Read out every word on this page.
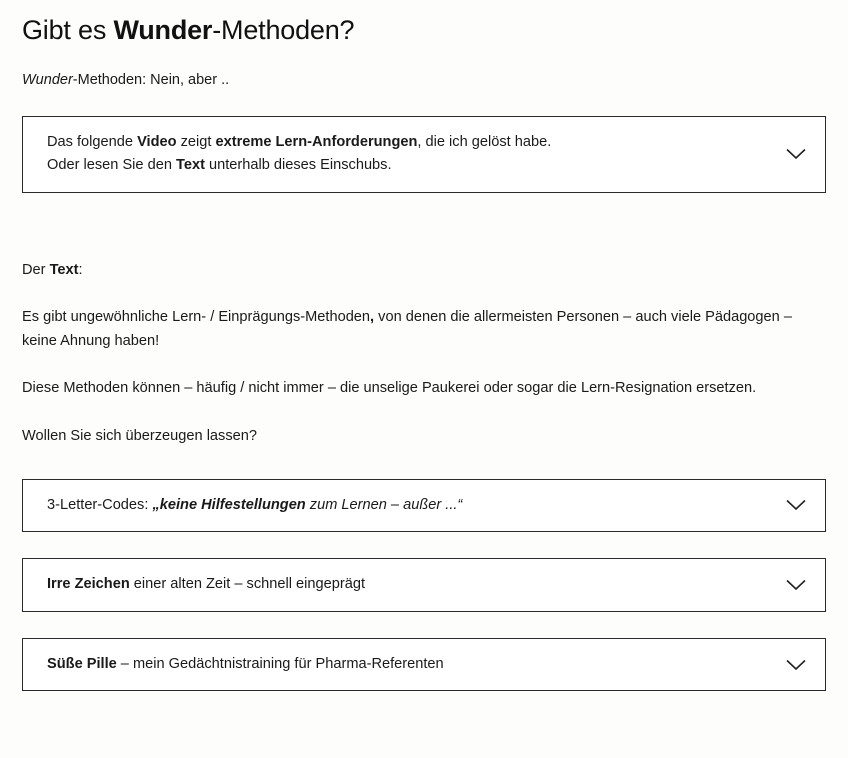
Gibt es Wunder-Methoden?

Wunder-Methoden: Nein, aber ..

Das folgende Video zeigt extreme Lern-Anforderungen, die ich gelöst habe.
Oder lesen Sie den Text unterhalb dieses Einschubs.

Der Text:

Es gibt ungewöhnliche Lern- / Einprägungs-Methoden, von denen die allermeisten Personen – auch viele Pädagogen – keine Ahnung haben!

Diese Methoden können – häufig / nicht immer – die unselige Paukerei oder sogar die Lern-Resignation ersetzen.

Wollen Sie sich überzeugen lassen?

3-Letter-Codes: „keine Hilfestellungen zum Lernen – außer ...“
Irre Zeichen einer alten Zeit – schnell eingeprägt
Süße Pille – mein Gedächtnistraining für Pharma-Referenten
